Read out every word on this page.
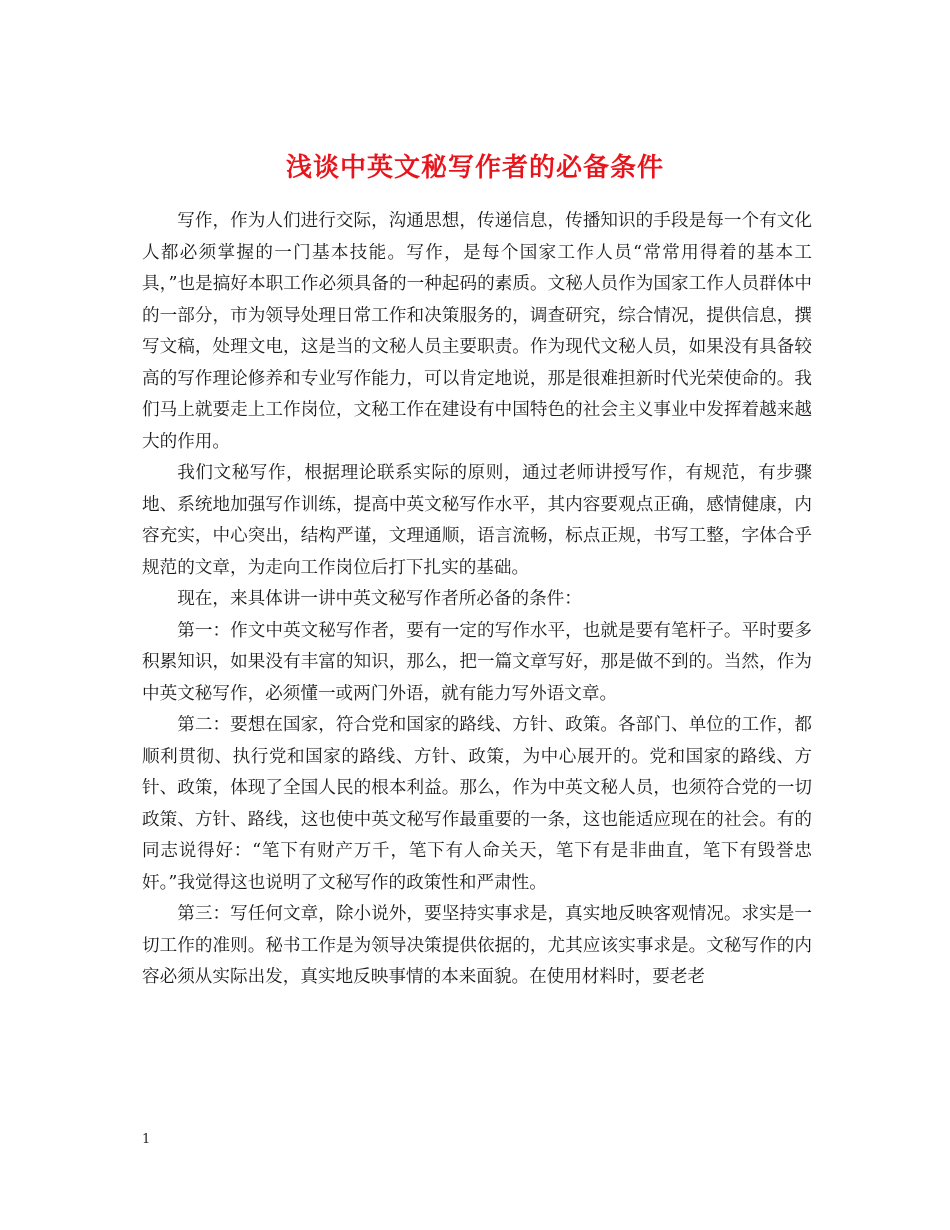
浅谈中英文秘写作者的必备条件

写作，作为人们进行交际，沟通思想，传递信息，传播知识的手段是每一个有文化人都必须掌握的一门基本技能。写作，是每个国家工作人员“常常用得着的基本工具，”也是搞好本职工作必须具备的一种起码的素质。文秘人员作为国家工作人员群体中的一部分，市为领导处理日常工作和决策服务的，调查研究，综合情况，提供信息，撰写文稿，处理文电，这是当的文秘人员主要职责。作为现代文秘人员，如果没有具备较高的写作理论修养和专业写作能力，可以肯定地说，那是很难担新时代光荣使命的。我们马上就要走上工作岗位，文秘工作在建设有中国特色的社会主义事业中发挥着越来越大的作用。

我们文秘写作，根据理论联系实际的原则，通过老师讲授写作，有规范，有步骤地、系统地加强写作训练，提高中英文秘写作水平，其内容要观点正确，感情健康，内容充实，中心突出，结构严谨，文理通顺，语言流畅，标点正规，书写工整，字体合乎规范的文章，为走向工作岗位后打下扎实的基础。

现在，来具体讲一讲中英文秘写作者所必备的条件：

第一：作文中英文秘写作者，要有一定的写作水平，也就是要有笔杆子。平时要多积累知识，如果没有丰富的知识，那么，把一篇文章写好，那是做不到的。当然，作为中英文秘写作，必须懂一或两门外语，就有能力写外语文章。

第二：要想在国家，符合党和国家的路线、方针、政策。各部门、单位的工作，都顺利贯彻、执行党和国家的路线、方针、政策，为中心展开的。党和国家的路线、方针、政策，体现了全国人民的根本利益。那么，作为中英文秘人员，也须符合党的一切政策、方针、路线，这也使中英文秘写作最重要的一条，这也能适应现在的社会。有的同志说得好：“笔下有财产万千，笔下有人命关天，笔下有是非曲直，笔下有毁誉忠奸。”我觉得这也说明了文秘写作的政策性和严肃性。

第三：写任何文章，除小说外，要坚持实事求是，真实地反映客观情况。求实是一切工作的准则。秘书工作是为领导决策提供依据的，尤其应该实事求是。文秘写作的内容必须从实际出发，真实地反映事情的本来面貌。在使用材料时，要老老

1
